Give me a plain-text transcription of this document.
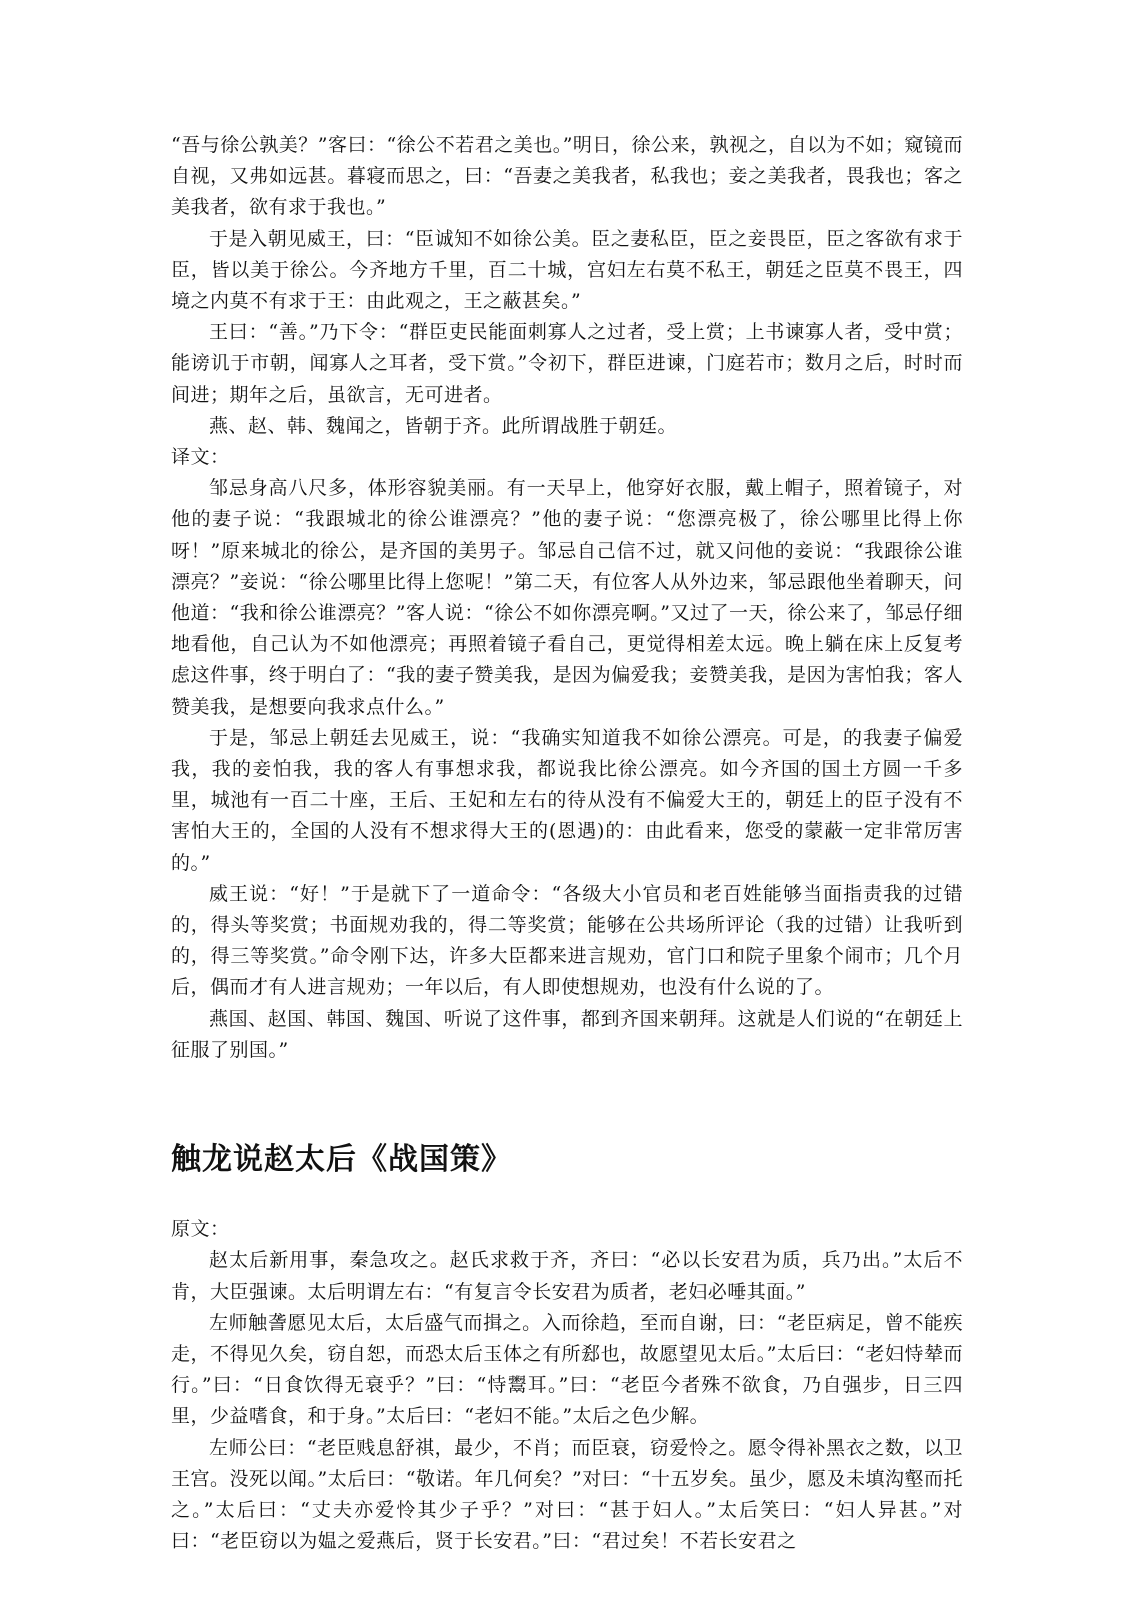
“吾与徐公孰美？”客曰：“徐公不若君之美也。”明日，徐公来，孰视之，自以为不如；窥镜而自视，又弗如远甚。暮寝而思之，曰：“吾妻之美我者，私我也；妾之美我者，畏我也；客之美我者，欲有求于我也。”

于是入朝见威王，曰：“臣诚知不如徐公美。臣之妻私臣，臣之妾畏臣，臣之客欲有求于臣，皆以美于徐公。今齐地方千里，百二十城，宫妇左右莫不私王，朝廷之臣莫不畏王，四境之内莫不有求于王：由此观之，王之蔽甚矣。”

王曰：“善。”乃下令：“群臣吏民能面刺寡人之过者，受上赏；上书谏寡人者，受中赏；能谤讥于市朝，闻寡人之耳者，受下赏。”令初下，群臣进谏，门庭若市；数月之后，时时而间进；期年之后，虽欲言，无可进者。

燕、赵、韩、魏闻之，皆朝于齐。此所谓战胜于朝廷。

译文：

邹忌身高八尺多，体形容貌美丽。有一天早上，他穿好衣服，戴上帽子，照着镜子，对他的妻子说：“我跟城北的徐公谁漂亮？”他的妻子说：“您漂亮极了，徐公哪里比得上你呀！”原来城北的徐公，是齐国的美男子。邹忌自己信不过，就又问他的妾说：“我跟徐公谁漂亮？”妾说：“徐公哪里比得上您呢！”第二天，有位客人从外边来，邹忌跟他坐着聊天，问他道：“我和徐公谁漂亮？”客人说：“徐公不如你漂亮啊。”又过了一天，徐公来了，邹忌仔细地看他，自己认为不如他漂亮；再照着镜子看自己，更觉得相差太远。晚上躺在床上反复考虑这件事，终于明白了：“我的妻子赞美我，是因为偏爱我；妾赞美我，是因为害怕我；客人赞美我，是想要向我求点什么。”

于是，邹忌上朝廷去见威王，说：“我确实知道我不如徐公漂亮。可是，的我妻子偏爱我，我的妾怕我，我的客人有事想求我，都说我比徐公漂亮。如今齐国的国土方圆一千多里，城池有一百二十座，王后、王妃和左右的待从没有不偏爱大王的，朝廷上的臣子没有不害怕大王的，全国的人没有不想求得大王的(恩遇)的：由此看来，您受的蒙蔽一定非常厉害的。”

威王说：“好！”于是就下了一道命令：“各级大小官员和老百姓能够当面指责我的过错的，得头等奖赏；书面规劝我的，得二等奖赏；能够在公共场所评论（我的过错）让我听到的，得三等奖赏。”命令刚下达，许多大臣都来进言规劝，官门口和院子里象个闹市；几个月后，偶而才有人进言规劝；一年以后，有人即使想规劝，也没有什么说的了。

燕国、赵国、韩国、魏国、听说了这件事，都到齐国来朝拜。这就是人们说的“在朝廷上征服了别国。”

触龙说赵太后《战国策》

原文：

赵太后新用事，秦急攻之。赵氏求救于齐，齐曰：“必以长安君为质，兵乃出。”太后不肯，大臣强谏。太后明谓左右：“有复言令长安君为质者，老妇必唾其面。”

左师触詟愿见太后，太后盛气而揖之。入而徐趋，至而自谢，曰：“老臣病足，曾不能疾走，不得见久矣，窃自恕，而恐太后玉体之有所郄也，故愿望见太后。”太后曰：“老妇恃辇而行。”曰：“日食饮得无衰乎？”曰：“恃鬻耳。”曰：“老臣今者殊不欲食，乃自强步，日三四里，少益嗜食，和于身。”太后曰：“老妇不能。”太后之色少解。

左师公曰：“老臣贱息舒祺，最少，不肖；而臣衰，窃爱怜之。愿令得补黑衣之数，以卫王宫。没死以闻。”太后曰：“敬诺。年几何矣？”对曰：“十五岁矣。虽少，愿及未填沟壑而托之。”太后曰：“丈夫亦爱怜其少子乎？”对曰：“甚于妇人。”太后笑曰：“妇人异甚。”对曰：“老臣窃以为媪之爱燕后，贤于长安君。”曰：“君过矣！不若长安君之
